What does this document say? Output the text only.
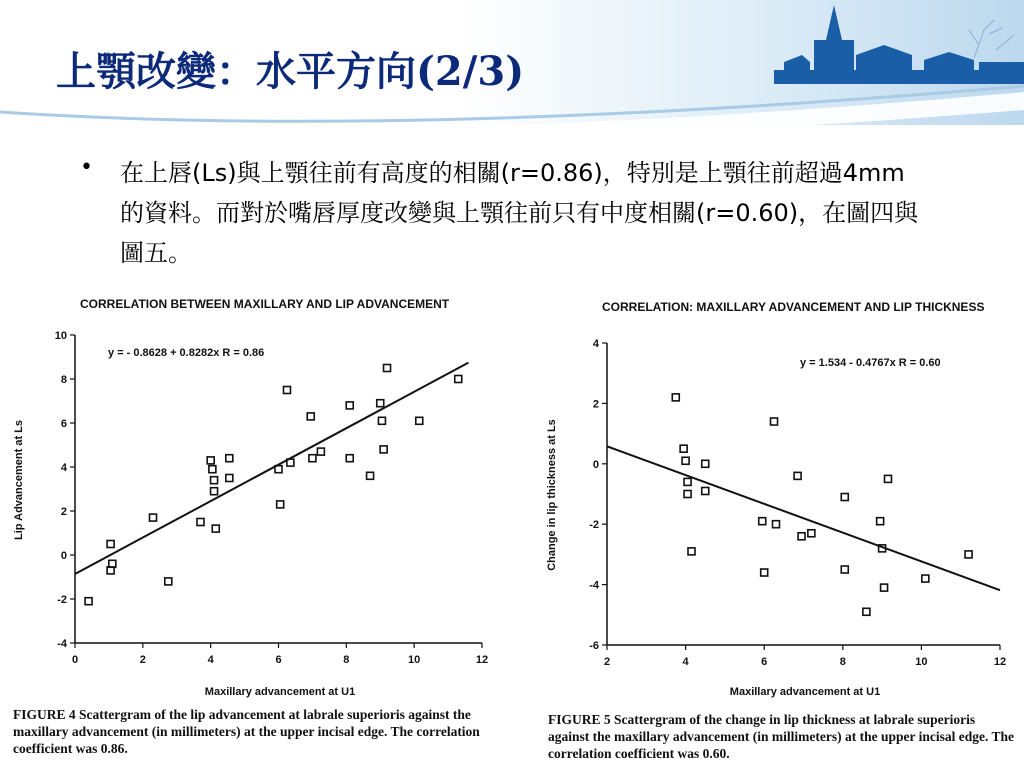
上顎改變：水平方向(2/3)
• 在上唇(Ls)與上顎往前有高度的相關(r=0.86)，特別是上顎往前超過4mm的資料。而對於嘴唇厚度改變與上顎往前只有中度相關(r=0.60)，在圖四與圖五。
CORRELATION BETWEEN MAXILLARY AND LIP ADVANCEMENT
y = - 0.8628 + 0.8282x R = 0.86
Maxillary advancement at U1
Lip Advancement at Ls
-4
-2
0
2
4
6
8
10
0	2	4	6	8	10	12

FIGURE 4 Scattergram of the lip advancement at labrale superioris against the maxillary advancement (in millimeters) at the upper incisal edge. The correlation coefficient was 0.86.

CORRELATION: MAXILLARY ADVANCEMENT AND LIP THICKNESS
y = 1.534 - 0.4767x R = 0.60
Maxillary advancement at U1
Change in lip thickness at Ls
-6
-4
-2
0
2
4
2	4	6	8	10	12

FIGURE 5 Scattergram of the change in lip thickness at labrale superioris against the maxillary advancement (in millimeters) at the upper incisal edge. The correlation coefficient was 0.60.
